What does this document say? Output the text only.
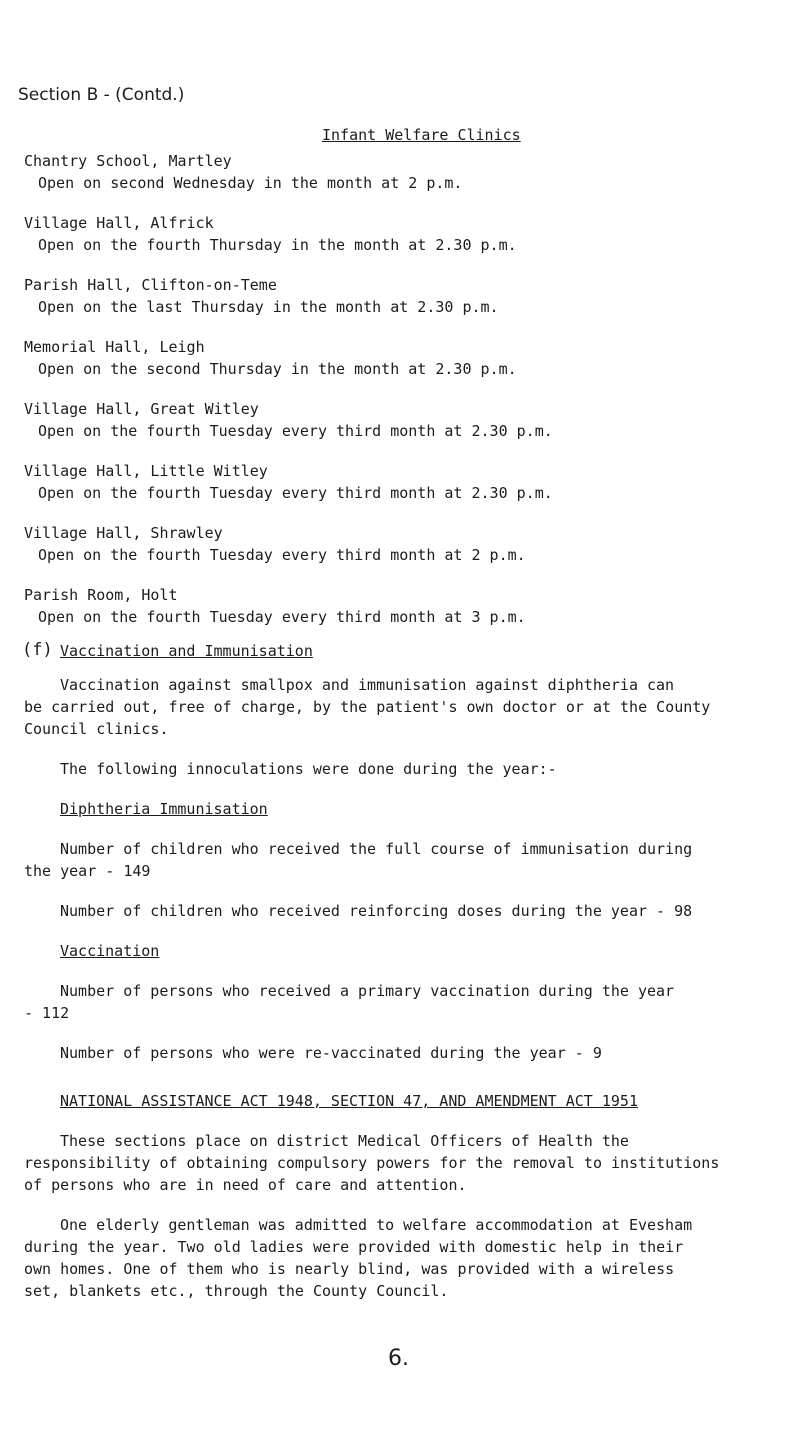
Section B - (Contd.)
Infant Welfare Clinics
Chantry School, Martley
Open on second Wednesday in the month at 2 p.m.
Village Hall, Alfrick
Open on the fourth Thursday in the month at 2.30 p.m.
Parish Hall, Clifton-on-Teme
Open on the last Thursday in the month at 2.30 p.m.
Memorial Hall, Leigh
Open on the second Thursday in the month at 2.30 p.m.
Village Hall, Great Witley
Open on the fourth Tuesday every third month at 2.30 p.m.
Village Hall, Little Witley
Open on the fourth Tuesday every third month at 2.30 p.m.
Village Hall, Shrawley
Open on the fourth Tuesday every third month at 2 p.m.
Parish Room, Holt
Open on the fourth Tuesday every third month at 3 p.m.
(f) Vaccination and Immunisation
Vaccination against smallpox and immunisation against diphtheria can
be carried out, free of charge, by the patient's own doctor or at the County
Council clinics.
The following innoculations were done during the year:-
Diphtheria Immunisation
Number of children who received the full course of immunisation during
the year - 149
Number of children who received reinforcing doses during the year - 98
Vaccination
Number of persons who received a primary vaccination during the year
- 112
Number of persons who were re-vaccinated during the year - 9
NATIONAL ASSISTANCE ACT 1948, SECTION 47, AND AMENDMENT ACT 1951
These sections place on district Medical Officers of Health the
responsibility of obtaining compulsory powers for the removal to institutions
of persons who are in need of care and attention.
One elderly gentleman was admitted to welfare accommodation at Evesham
during the year. Two old ladies were provided with domestic help in their
own homes. One of them who is nearly blind, was provided with a wireless
set, blankets etc., through the County Council.
6.
